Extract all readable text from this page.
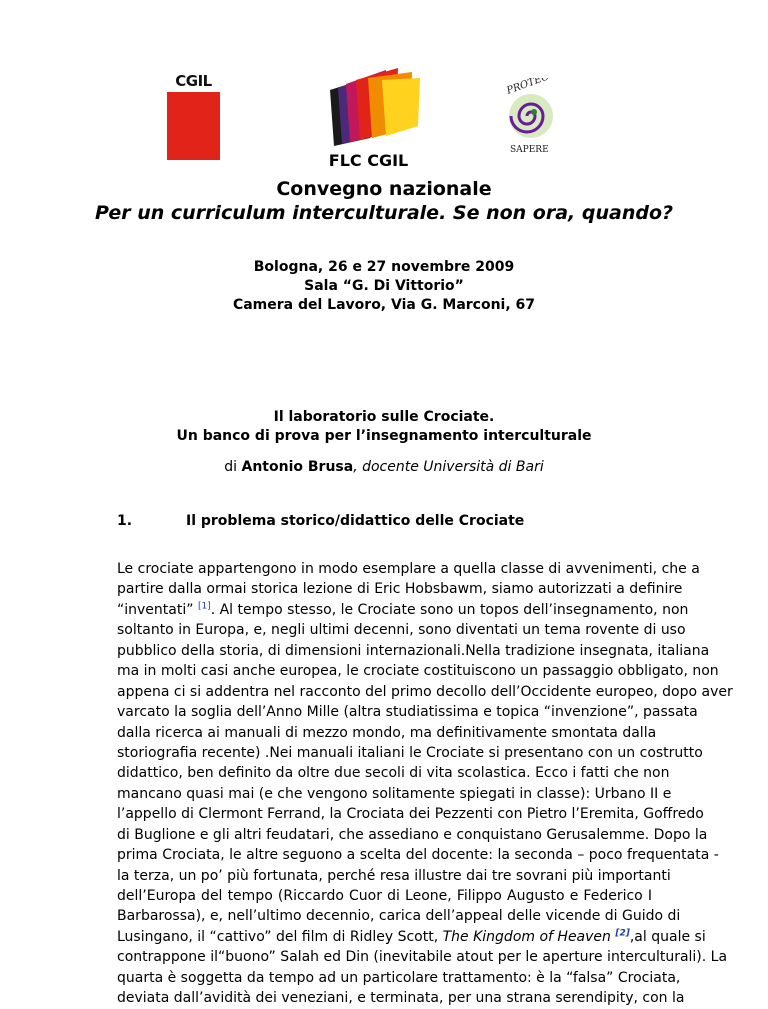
CGIL
FLC CGIL
PROTEO
SAPERE
Convegno nazionale
Per un curriculum interculturale. Se non ora, quando?
Bologna, 26 e 27 novembre 2009
Sala “G. Di Vittorio”
Camera del Lavoro, Via G. Marconi, 67
Il laboratorio sulle Crociate.
Un banco di prova per l’insegnamento interculturale
di Antonio Brusa, docente Università di Bari
1.	Il problema storico/didattico delle Crociate
Le crociate appartengono in modo esemplare a quella classe di avvenimenti, che a
partire dalla ormai storica lezione di Eric Hobsbawm, siamo autorizzati a definire
“inventati” [1]. Al tempo stesso, le Crociate sono un topos dell’insegnamento, non
soltanto in Europa, e, negli ultimi decenni, sono diventati un tema rovente di uso
pubblico della storia, di dimensioni internazionali.Nella tradizione insegnata, italiana
ma in molti casi anche europea, le crociate costituiscono un passaggio obbligato, non
appena ci si addentra nel racconto del primo decollo dell’Occidente europeo, dopo aver
varcato la soglia dell’Anno Mille (altra studiatissima e topica “invenzione”, passata
dalla ricerca ai manuali di mezzo mondo, ma definitivamente smontata dalla
storiografia recente) .Nei manuali italiani le Crociate si presentano con un costrutto
didattico, ben definito da oltre due secoli di vita scolastica. Ecco i fatti che non
mancano quasi mai (e che vengono solitamente spiegati in classe): Urbano II e
l’appello di Clermont Ferrand, la Crociata dei Pezzenti con Pietro l’Eremita, Goffredo
di Buglione e gli altri feudatari, che assediano e conquistano Gerusalemme. Dopo la
prima Crociata, le altre seguono a scelta del docente: la seconda – poco frequentata -
la terza, un po’ più fortunata, perché resa illustre dai tre sovrani più importanti
dell’Europa del tempo (Riccardo Cuor di Leone, Filippo Augusto e Federico I
Barbarossa), e, nell’ultimo decennio, carica dell’appeal delle vicende di Guido di
Lusingano, il “cattivo” del film di Ridley Scott, The Kingdom of Heaven [2],al quale si
contrappone il“buono” Salah ed Din (inevitabile atout per le aperture interculturali). La
quarta è soggetta da tempo ad un particolare trattamento: è la “falsa” Crociata,
deviata dall’avidità dei veneziani, e terminata, per una strana serendipity, con la
